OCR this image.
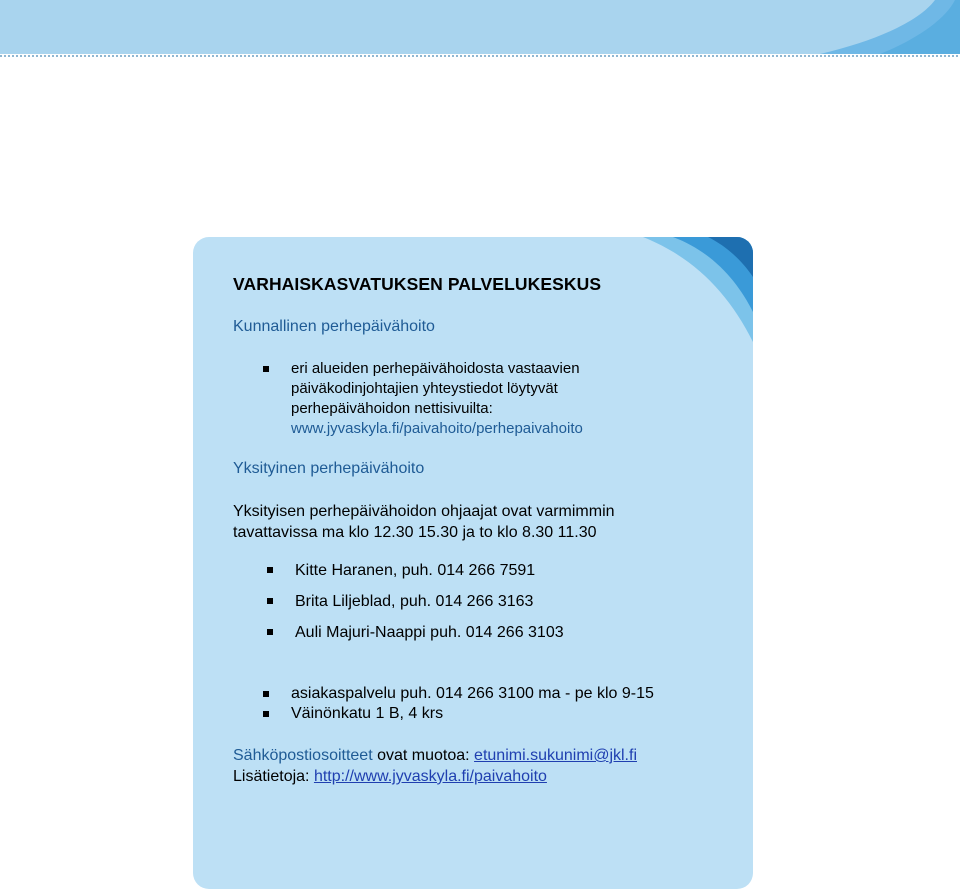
VARHAISKASVATUKSEN PALVELUKESKUS
Kunnallinen perhepäivähoito
eri alueiden perhepäivähoidosta vastaavien
päiväkodinjohtajien yhteystiedot löytyvät
perhepäivähoidon nettisivuilta:
www.jyvaskyla.fi/paivahoito/perhepaivahoito
Yksityinen perhepäivähoito
Yksityisen perhepäivähoidon ohjaajat ovat varmimmin
tavattavissa ma klo 12.30 15.30 ja to klo 8.30 11.30
Kitte Haranen, puh. 014 266 7591
Brita Liljeblad, puh. 014 266 3163
Auli Majuri-Naappi puh. 014 266 3103
asiakaspalvelu puh. 014 266 3100 ma - pe klo 9-15
Väinönkatu 1 B, 4 krs
Sähköpostiosoitteet ovat muotoa: etunimi.sukunimi@jkl.fi
Lisätietoja: http://www.jyvaskyla.fi/paivahoito
